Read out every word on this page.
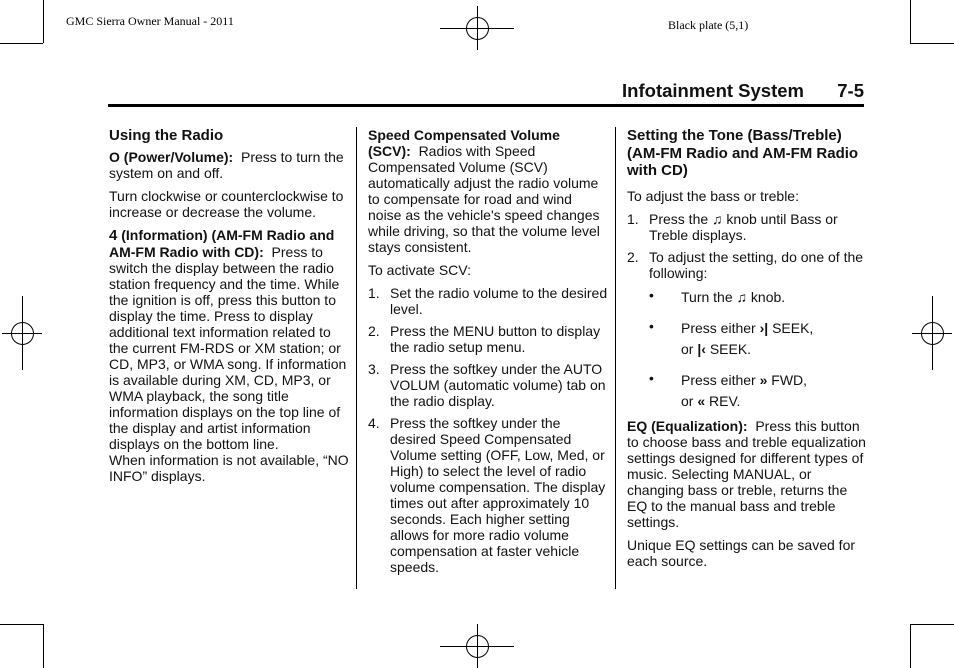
GMC Sierra Owner Manual - 2011	Black plate (5,1)
Infotainment System 7-5
Using the Radio

O (Power/Volume): Press to turn the system on and off.

Turn clockwise or counterclockwise to increase or decrease the volume.

4 (Information) (AM-FM Radio and AM-FM Radio with CD): Press to switch the display between the radio station frequency and the time. While the ignition is off, press this button to display the time. Press to display additional text information related to the current FM-RDS or XM station; or CD, MP3, or WMA song. If information is available during XM, CD, MP3, or WMA playback, the song title information displays on the top line of the display and artist information displays on the bottom line.

When information is not available, “NO INFO” displays.

Speed Compensated Volume (SCV): Radios with Speed Compensated Volume (SCV) automatically adjust the radio volume to compensate for road and wind noise as the vehicle's speed changes while driving, so that the volume level stays consistent.

To activate SCV:

1. Set the radio volume to the desired level.
2. Press the MENU button to display the radio setup menu.
3. Press the softkey under the AUTO VOLUM (automatic volume) tab on the radio display.
4. Press the softkey under the desired Speed Compensated Volume setting (OFF, Low, Med, or High) to select the level of radio volume compensation. The display times out after approximately 10 seconds. Each higher setting allows for more radio volume compensation at faster vehicle speeds.
Setting the Tone (Bass/Treble) (AM-FM Radio and AM-FM Radio with CD)

To adjust the bass or treble:

1. Press the ♫ knob until Bass or Treble displays.
2. To adjust the setting, do one of the following:
• Turn the ♫ knob.
• Press either ›| SEEK,
or |‹ SEEK.
• Press either » FWD,
or « REV.

EQ (Equalization): Press this button to choose bass and treble equalization settings designed for different types of music. Selecting MANUAL, or changing bass or treble, returns the EQ to the manual bass and treble settings.

Unique EQ settings can be saved for each source.
